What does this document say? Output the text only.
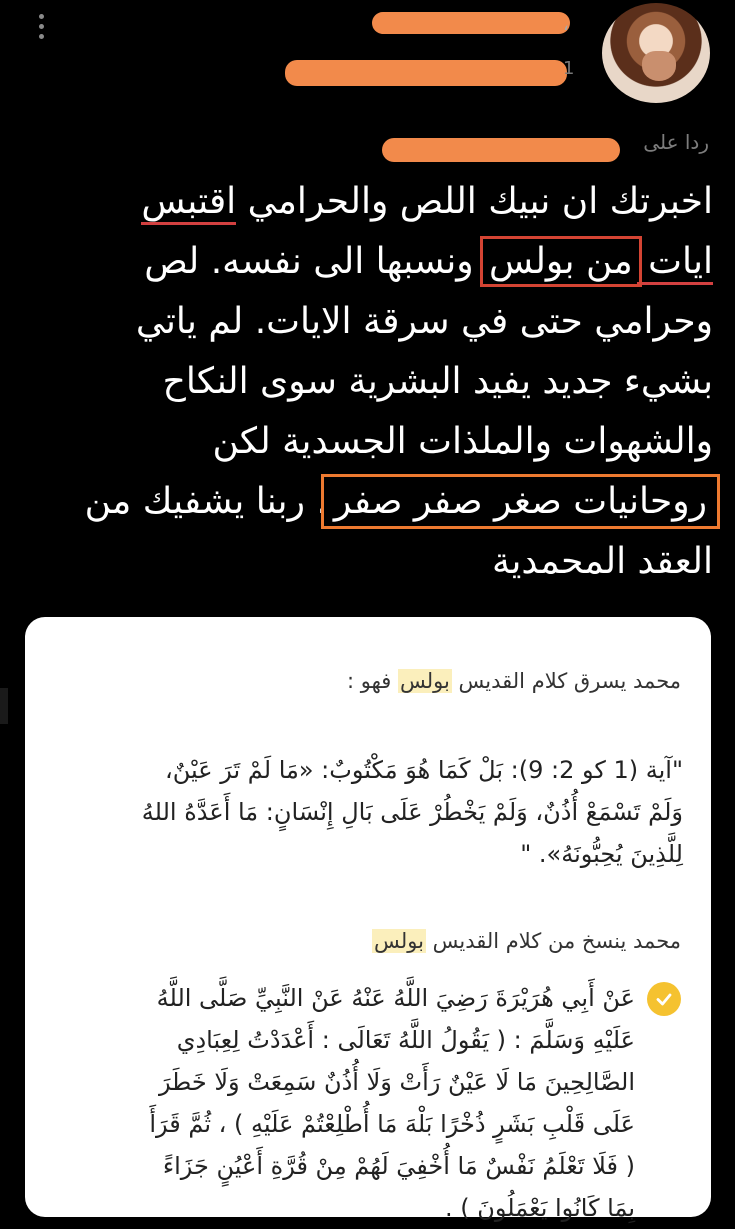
،
1
ردا على

اخبرتك ان نبيك اللص والحرامي اقتبس

ايات من بولس ونسبها الى نفسه. لص

وحرامي حتى في سرقة الايات. لم ياتي

بشيء جديد يفيد البشرية سوى النكاح

والشهوات والملذات الجسدية لكن

روحانيات صغر صفر صفر. ربنا يشفيك من

العقد المحمدية

محمد يسرق كلام القديس بولس فهو :

"آية (1 كو 2: 9): بَلْ كَمَا هُوَ مَكْتُوبٌ: «مَا لَمْ تَرَ عَيْنٌ،

وَلَمْ تَسْمَعْ أُذُنٌ، وَلَمْ يَخْطُرْ عَلَى بَالِ إِنْسَانٍ: مَا أَعَدَّهُ اللهُ

لِلَّذِينَ يُحِبُّونَهُ». "

محمد ينسخ من كلام القديس بولس

عَنْ أَبِي هُرَيْرَةَ رَضِيَ اللَّهُ عَنْهُ عَنْ النَّبِيِّ صَلَّى اللَّهُ

عَلَيْهِ وَسَلَّمَ : ( يَقُولُ اللَّهُ تَعَالَى : أَعْدَدْتُ لِعِبَادِي

الصَّالِحِينَ مَا لَا عَيْنٌ رَأَتْ وَلَا أُذُنٌ سَمِعَتْ وَلَا خَطَرَ

عَلَى قَلْبِ بَشَرٍ ذُخْرًا بَلْهَ مَا أُطْلِعْتُمْ عَلَيْهِ ) ، ثُمَّ قَرَأَ

( فَلَا تَعْلَمُ نَفْسٌ مَا أُخْفِيَ لَهُمْ مِنْ قُرَّةِ أَعْيُنٍ جَزَاءً

بِمَا كَانُوا يَعْمَلُونَ ) .
